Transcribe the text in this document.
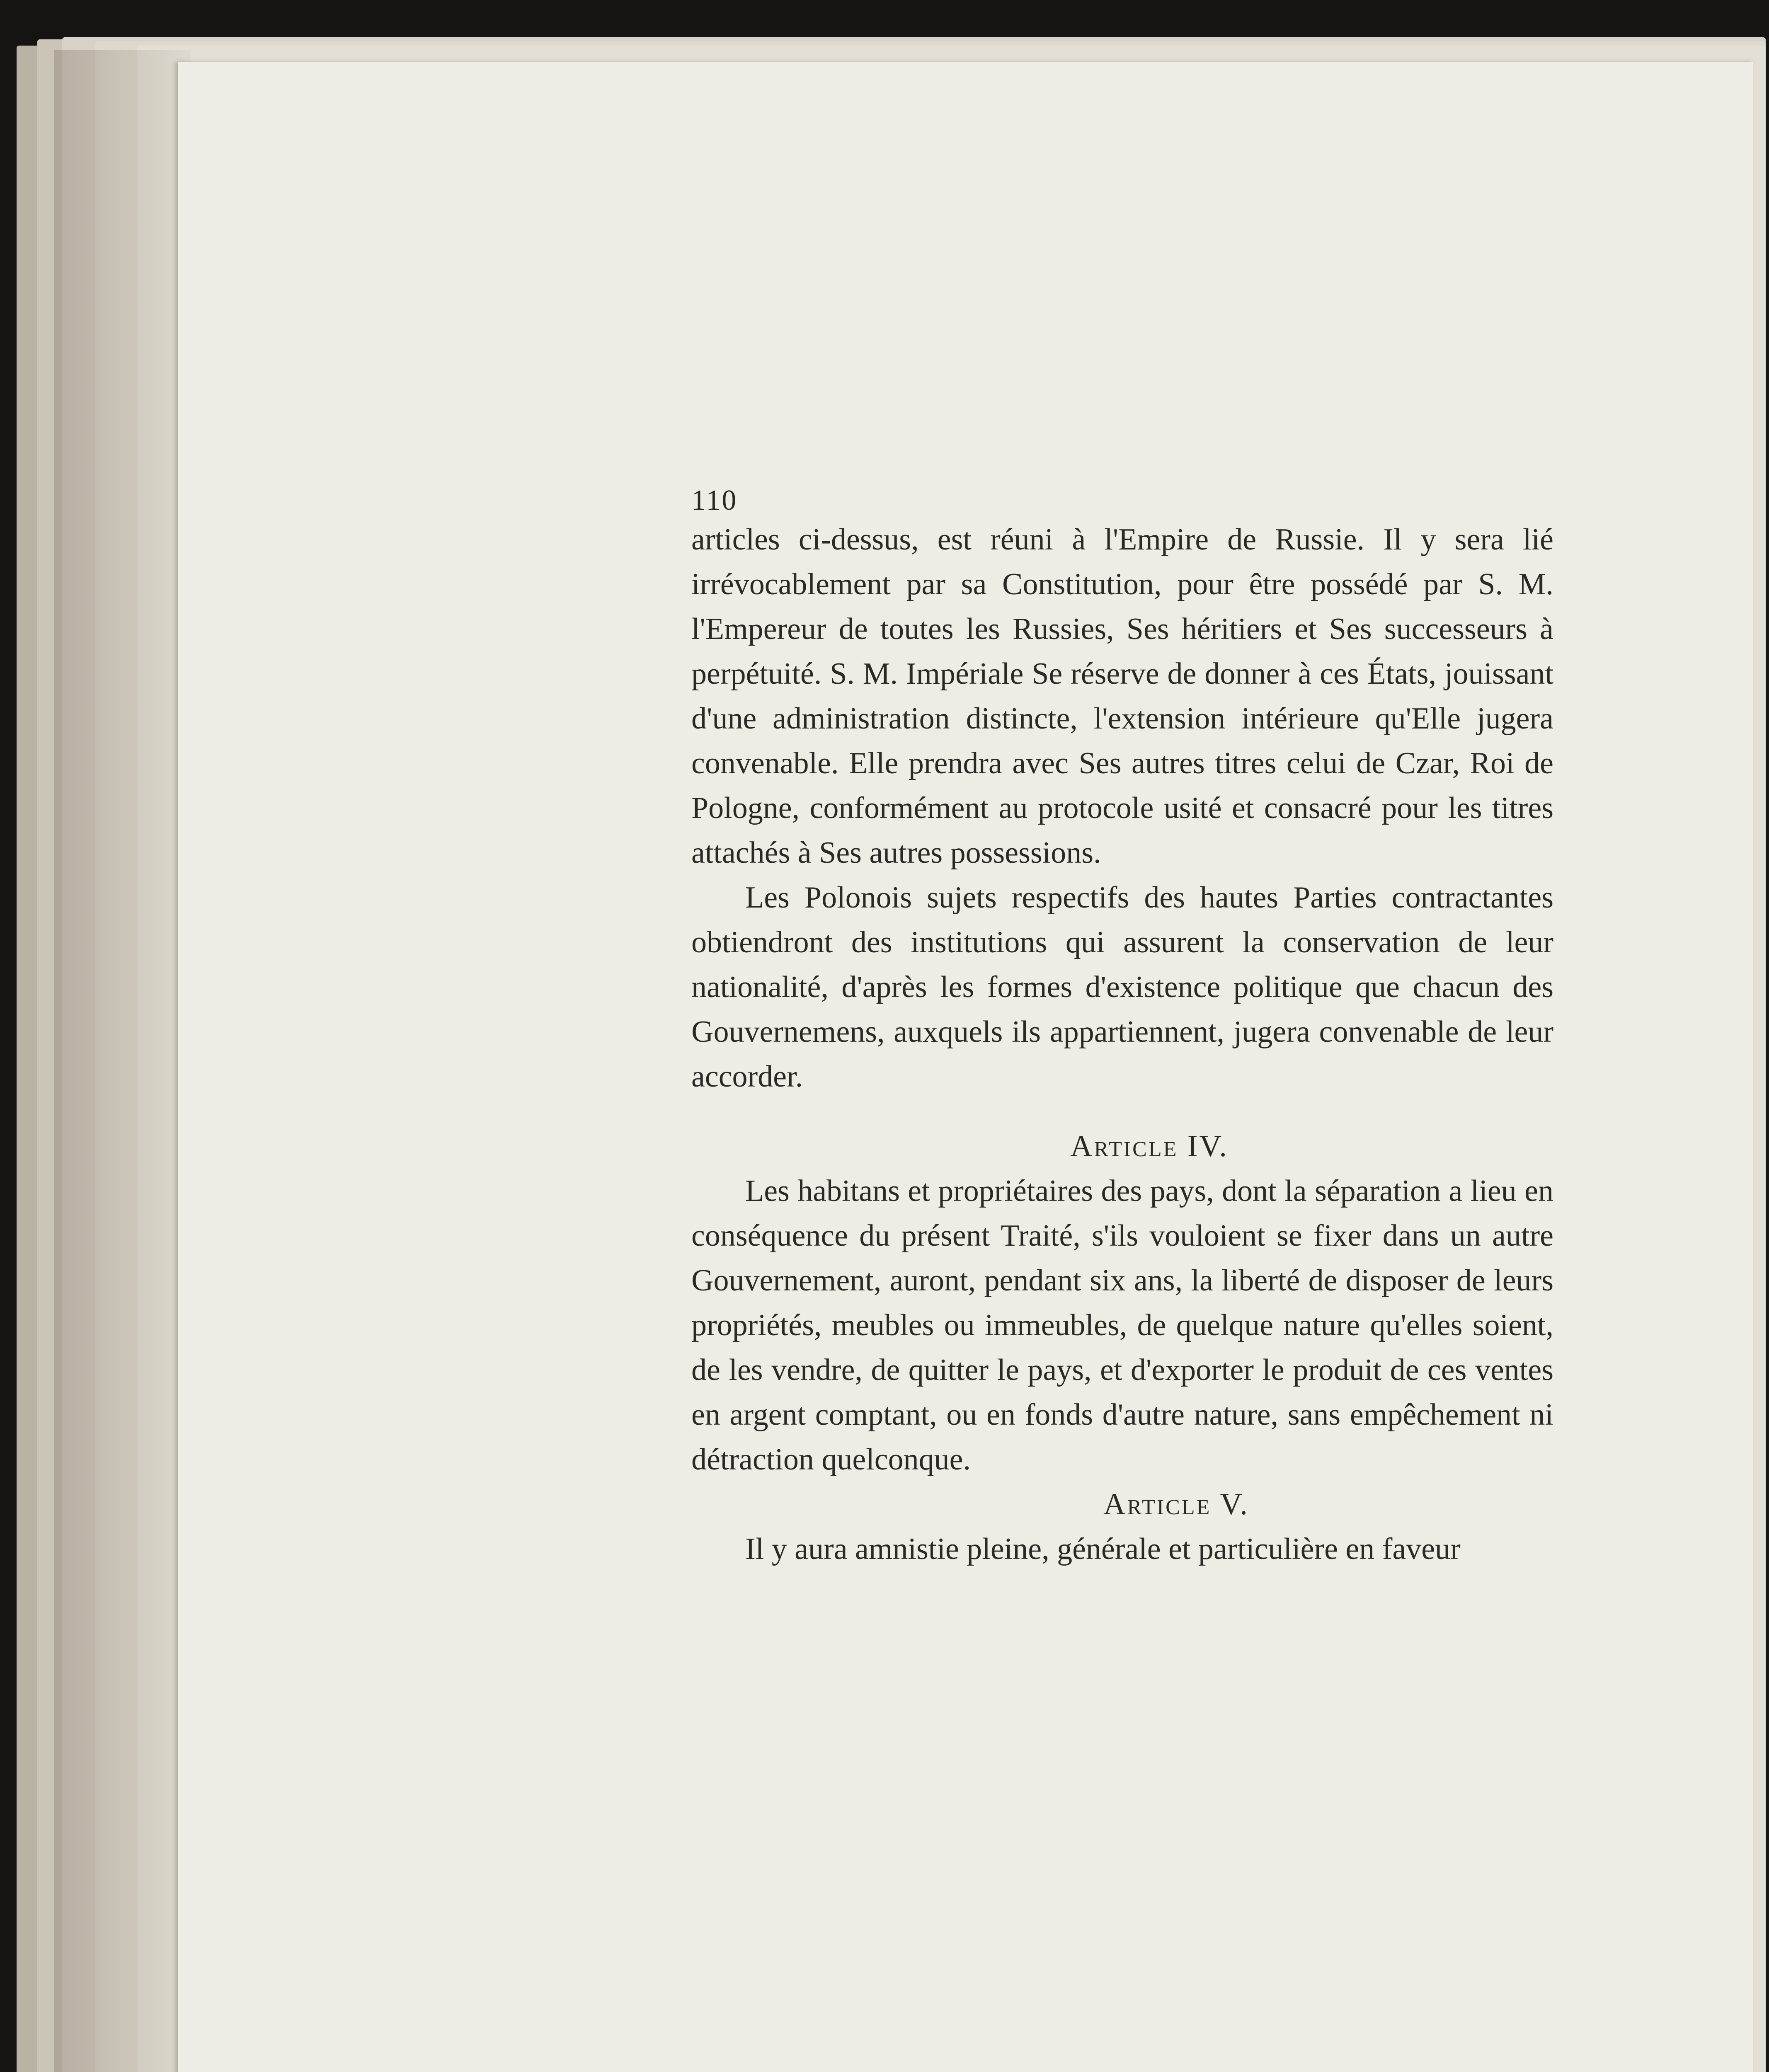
110

articles ci-dessus, est réuni à l'Empire de Russie. Il y sera lié irrévocablement par sa Constitution, pour être possédé par S. M. l'Empereur de toutes les Russies, Ses héritiers et Ses successeurs à perpétuité. S. M. Impériale Se réserve de donner à ces États, jouissant d'une administration distincte, l'extension intérieure qu'Elle jugera convenable. Elle prendra avec Ses autres titres celui de Czar, Roi de Pologne, conformément au protocole usité et consacré pour les titres attachés à Ses autres possessions.

Les Polonois sujets respectifs des hautes Parties contractantes obtiendront des institutions qui assurent la conservation de leur nationalité, d'après les formes d'existence politique que chacun des Gouvernemens, auxquels ils appartiennent, jugera convenable de leur accorder.

Article IV.

Les habitans et propriétaires des pays, dont la séparation a lieu en conséquence du présent Traité, s'ils vouloient se fixer dans un autre Gouvernement, auront, pendant six ans, la liberté de disposer de leurs propriétés, meubles ou immeubles, de quelque nature qu'elles soient, de les vendre, de quitter le pays, et d'exporter le produit de ces ventes en argent comptant, ou en fonds d'autre nature, sans empêchement ni détraction quelconque.

Article V.

Il y aura amnistie pleine, générale et particulière en faveur
